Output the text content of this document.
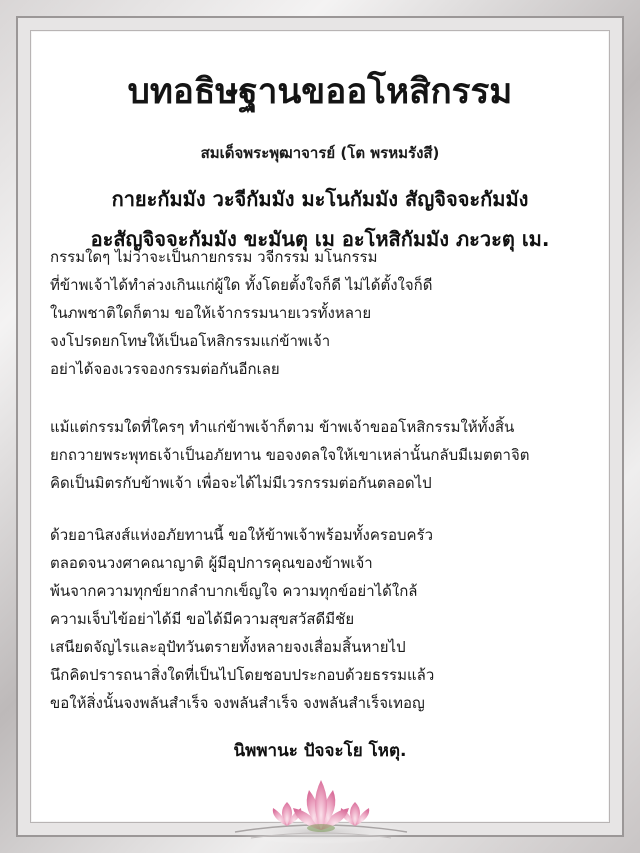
บทอธิษฐานขออโหสิกรรม
สมเด็จพระพุฒาจารย์ (โต พรหมรังสี)
กายะกัมมัง วะจีกัมมัง มะโนกัมมัง สัญจิจจะกัมมัง
อะสัญจิจจะกัมมัง ขะมันตุ เม อะโหสิกัมมัง ภะวะตุ เม.
กรรมใดๆ ไม่ว่าจะเป็นกายกรรม วจีกรรม มโนกรรม
ที่ข้าพเจ้าได้ทำล่วงเกินแก่ผู้ใด ทั้งโดยตั้งใจก็ดี ไม่ได้ตั้งใจก็ดี
ในภพชาติใดก็ตาม ขอให้เจ้ากรรมนายเวรทั้งหลาย
จงโปรดยกโทษให้เป็นอโหสิกรรมแก่ข้าพเจ้า
อย่าได้จองเวรจองกรรมต่อกันอีกเลย
แม้แต่กรรมใดที่ใครๆ ทำแก่ข้าพเจ้าก็ตาม ข้าพเจ้าขออโหสิกรรมให้ทั้งสิ้น
ยกถวายพระพุทธเจ้าเป็นอภัยทาน ขอจงดลใจให้เขาเหล่านั้นกลับมีเมตตาจิต
คิดเป็นมิตรกับข้าพเจ้า เพื่อจะได้ไม่มีเวรกรรมต่อกันตลอดไป
ด้วยอานิสงส์แห่งอภัยทานนี้ ขอให้ข้าพเจ้าพร้อมทั้งครอบครัว
ตลอดจนวงศาคณาญาติ ผู้มีอุปการคุณของข้าพเจ้า
พ้นจากความทุกข์ยากลำบากเข็ญใจ ความทุกข์อย่าได้ใกล้
ความเจ็บไข้อย่าได้มี ขอได้มีความสุขสวัสดีมีชัย
เสนียดจัญไรและอุปัทวันตรายทั้งหลายจงเสื่อมสิ้นหายไป
นึกคิดปรารถนาสิ่งใดที่เป็นไปโดยชอบประกอบด้วยธรรมแล้ว
ขอให้สิ่งนั้นจงพลันสำเร็จ จงพลันสำเร็จ จงพลันสำเร็จเทอญ
นิพพานะ ปัจจะโย โหตุ.
